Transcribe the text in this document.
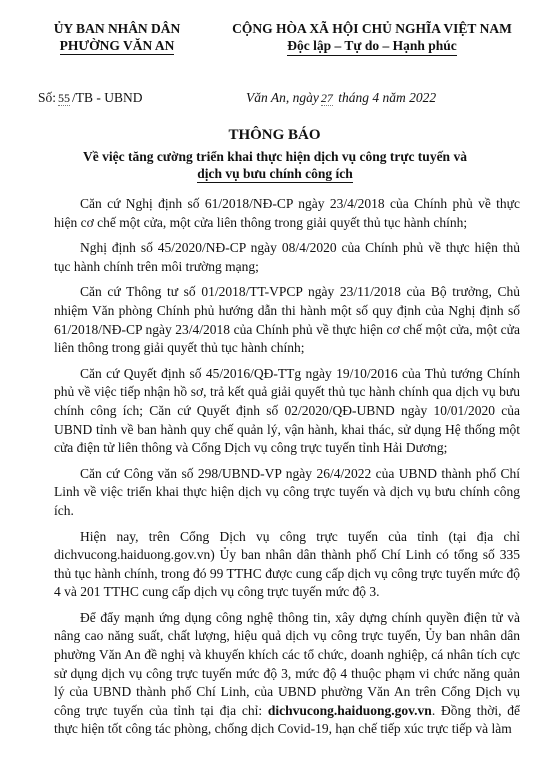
ỦY BAN NHÂN DÂN
PHƯỜNG VĂN AN
CỘNG HÒA XÃ HỘI CHỦ NGHĨA VIỆT NAM
Độc lập – Tự do – Hạnh phúc
Số: 55 /TB - UBND	Văn An, ngày 27 tháng 4 năm 2022
THÔNG BÁO
Về việc tăng cường triển khai thực hiện dịch vụ công trực tuyến và
dịch vụ bưu chính công ích

Căn cứ Nghị định số 61/2018/NĐ-CP ngày 23/4/2018 của Chính phủ về thực hiện cơ chế một cửa, một cửa liên thông trong giải quyết thủ tục hành chính;

Nghị định số 45/2020/NĐ-CP ngày 08/4/2020 của Chính phủ về thực hiện thủ tục hành chính trên môi trường mạng;

Căn cứ Thông tư số 01/2018/TT-VPCP ngày 23/11/2018 của Bộ trưởng, Chủ nhiệm Văn phòng Chính phủ hướng dẫn thi hành một số quy định của Nghị định số 61/2018/NĐ-CP ngày 23/4/2018 của Chính phủ về thực hiện cơ chế một cửa, một cửa liên thông trong giải quyết thủ tục hành chính;

Căn cứ Quyết định số 45/2016/QĐ-TTg ngày 19/10/2016 của Thủ tướng Chính phủ về việc tiếp nhận hồ sơ, trả kết quả giải quyết thủ tục hành chính qua dịch vụ bưu chính công ích; Căn cứ Quyết định số 02/2020/QĐ-UBND ngày 10/01/2020 của UBND tỉnh về ban hành quy chế quản lý, vận hành, khai thác, sử dụng Hệ thống một cửa điện tử liên thông và Cổng Dịch vụ công trực tuyến tỉnh Hải Dương;

Căn cứ Công văn số 298/UBND-VP ngày 26/4/2022 của UBND thành phố Chí Linh về việc triển khai thực hiện dịch vụ công trực tuyến và dịch vụ bưu chính công ích.

Hiện nay, trên Cổng Dịch vụ công trực tuyến của tỉnh (tại địa chỉ dichvucong.haiduong.gov.vn) Ủy ban nhân dân thành phố Chí Linh có tổng số 335 thủ tục hành chính, trong đó 99 TTHC được cung cấp dịch vụ công trực tuyến mức độ 4 và 201 TTHC cung cấp dịch vụ công trực tuyến mức độ 3.

Để đẩy mạnh ứng dụng công nghệ thông tin, xây dựng chính quyền điện tử và nâng cao năng suất, chất lượng, hiệu quả dịch vụ công trực tuyến, Ủy ban nhân dân phường Văn An đề nghị và khuyến khích các tổ chức, doanh nghiệp, cá nhân tích cực sử dụng dịch vụ công trực tuyến mức độ 3, mức độ 4 thuộc phạm vi chức năng quản lý của UBND thành phố Chí Linh, của UBND phường Văn An trên Cổng Dịch vụ công trực tuyến của tỉnh tại địa chỉ: dichvucong.haiduong.gov.vn. Đồng thời, để thực hiện tốt công tác phòng, chống dịch Covid-19, hạn chế tiếp xúc trực tiếp và làm
